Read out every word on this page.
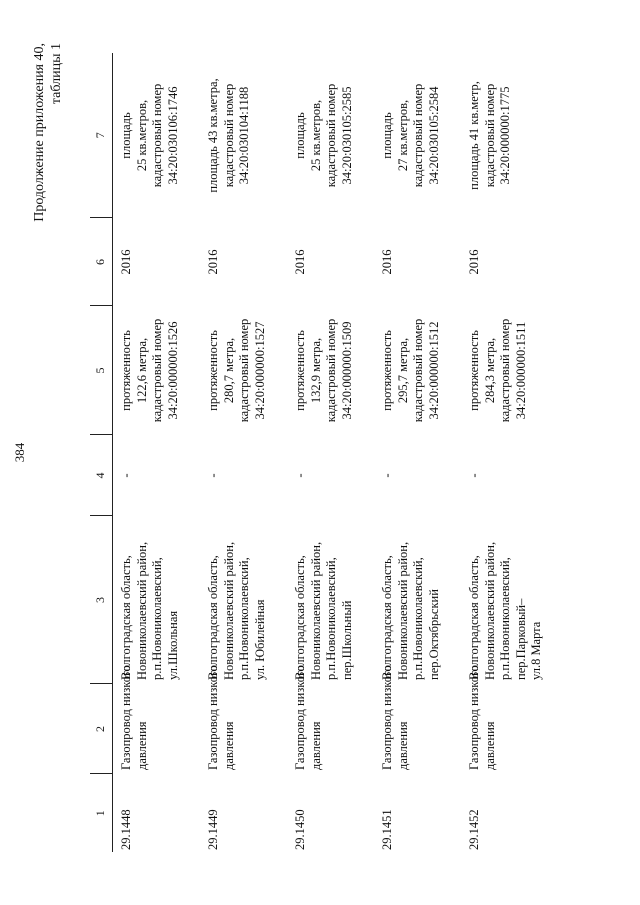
384
Продолжение приложения 40, таблицы 1
1	2	3	4	5	6	7

29.1448	Газопровод низкого давления	Волгоградская область, Новониколаевский район, р.п.Новониколаевский, ул.Школьная	-	протяженность 122,6 метра, кадастровый номер 34:20:000000:1526	2016	площадь 25 кв.метров, кадастровый номер 34:20:030106:1746

29.1449	Газопровод низкого давления	Волгоградская область, Новониколаевский район, р.п.Новониколаевский, ул. Юбилейная	-	протяженность 280,7 метра, кадастровый номер 34:20:000000:1527	2016	площадь 43 кв.метра, кадастровый номер 34:20:030104:1188

29.1450	Газопровод низкого давления	Волгоградская область, Новониколаевский район, р.п.Новониколаевский, пер.Школьный	-	протяженность 132,9 метра, кадастровый номер 34:20:000000:1509	2016	площадь 25 кв.метров, кадастровый номер 34:20:030105:2585

29.1451	Газопровод низкого давления	Волгоградская область, Новониколаевский район, р.п.Новониколаевский, пер.Октябрьский	-	протяженность 295,7 метра, кадастровый номер 34:20:000000:1512	2016	площадь 27 кв.метров, кадастровый номер 34:20:030105:2584

29.1452	Газопровод низкого давления	Волгоградская область, Новониколаевский район, р.п.Новониколаевский, пер.Парковый– ул.8 Марта	-	протяженность 284,3 метра, кадастровый номер 34:20:000000:1511	2016	площадь 41 кв.метр, кадастровый номер 34:20:000000:1775
